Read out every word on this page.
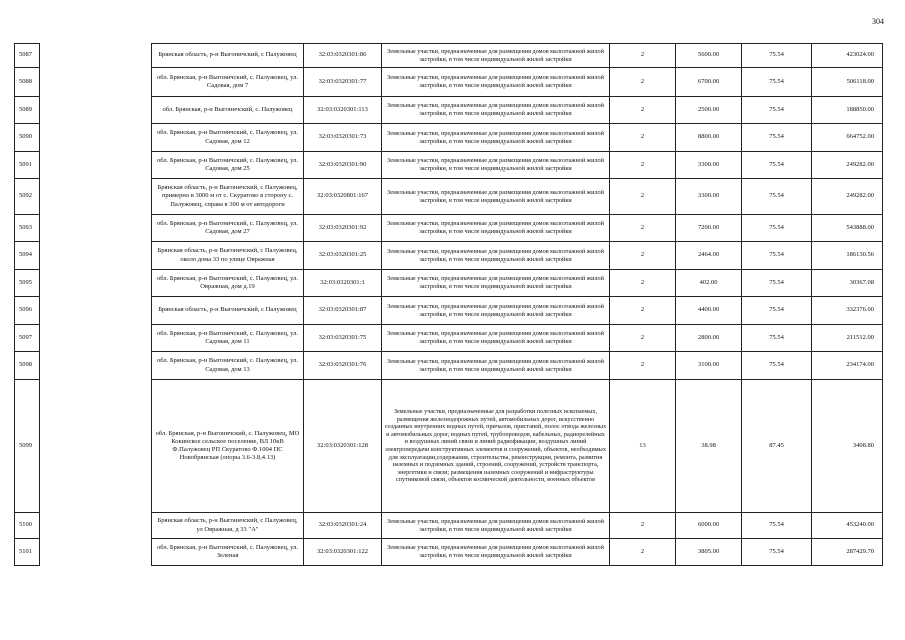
304
5087		Брянская область, р-н Выгоничский, с Палужовец	32:03:0320301:86	Земельные участки, предназначенные для размещения домов малоэтажной жилой застройки, в том числе индивидуальной жилой застройки	2	5600.00	75.54	423024.00
5088		обл. Брянская, р-н Выгоничский, с. Палужовец, ул. Садовая, дом 7	32:03:0320301:77	Земельные участки, предназначенные для размещения домов малоэтажной жилой застройки, в том числе индивидуальной жилой застройки	2	6700.00	75.54	506118.00
5089		обл. Брянская, р-н Выгоничский, с. Палужовец	32:03:0320301:113	Земельные участки, предназначенные для размещения домов малоэтажной жилой застройки, в том числе индивидуальной жилой застройки	2	2500.00	75.54	188850.00
5090		обл. Брянская, р-н Выгоничский, с. Палужовец, ул. Садовая, дом 12	32:03:0320301:73	Земельные участки, предназначенные для размещения домов малоэтажной жилой застройки, в том числе индивидуальной жилой застройки	2	8800.00	75.54	664752.00
5091		обл. Брянская, р-н Выгоничский, с. Палужовец, ул. Садовая, дом 25	32:03:0320301:90	Земельные участки, предназначенные для размещения домов малоэтажной жилой застройки, в том числе индивидуальной жилой застройки	2	3300.00	75.54	249282.00
5092		Брянская область, р-н Выгоничский, с Палужовец, примерно в 3000 м от с. Скуратово в сторону с. Палужовец, справа в 300 м от автодороги	32:03:0320801:167	Земельные участки, предназначенные для размещения домов малоэтажной жилой застройки, в том числе индивидуальной жилой застройки	2	3300.00	75.54	249282.00
5093		обл. Брянская, р-н Выгоничский, с. Палужовец, ул. Садовая, дом 27	32:03:0320301:92	Земельные участки, предназначенные для размещения домов малоэтажной жилой застройки, в том числе индивидуальной жилой застройки	2	7200.00	75.54	543888.00
5094		Брянская область, р-н Выгоничский, с Палужовец, около дома 33 по улице Овражная	32:03:0320301:25	Земельные участки, предназначенные для размещения домов малоэтажной жилой застройки, в том числе индивидуальной жилой застройки	2	2464.00	75.54	186130.56
5095		обл. Брянская, р-н Выгоничский, с. Палужовец, ул. Овражная, дом д.19	32:03:0320301:1	Земельные участки, предназначенные для размещения домов малоэтажной жилой застройки, в том числе индивидуальной жилой застройки	2	402.00	75.54	30367.08
5096		Брянская область, р-н Выгоничский, с Палужовец	32:03:0320301:87	Земельные участки, предназначенные для размещения домов малоэтажной жилой застройки, в том числе индивидуальной жилой застройки	2	4400.00	75.54	332376.00
5097		обл. Брянская, р-н Выгоничский, с. Палужовец, ул. Садовая, дом 11	32:03:0320301:75	Земельные участки, предназначенные для размещения домов малоэтажной жилой застройки, в том числе индивидуальной жилой застройки	2	2800.00	75.54	211512.00
5098		обл. Брянская, р-н Выгоничский, с. Палужовец, ул. Садовая, дом 13	32:03:0320301:76	Земельные участки, предназначенные для размещения домов малоэтажной жилой застройки, в том числе индивидуальной жилой застройки	2	3100.00	75.54	234174.00
5099		обл. Брянская, р-н Выгоничский, с. Палужовец, МО Кокинское сельское поселение, ВЛ 10кВ Ф.Палужовец РП Скуратово Ф.1004 ПС Новобрянская (опоры 3.6-3.8,4.13)	32:03:0320301:128	Земельные участки, предназначенные для разработки полезных ископаемых, размещения железнодорожных путей, автомобильных дорог, искусственно созданных внутренних водных путей, причалов, пристаней, полос отвода железных и автомобильных дорог, водных путей, трубопроводов, кабельных, радиорелейных и воздушных линий связи и линий радиофикации, воздушных линий электропередачи конструктивных элементов и сооружений, объектов, необходимых для эксплуатации,содержания, строительства, реконструкции, ремонта, развития наземных и подземных зданий, строений, сооружений, устройств транспорта, энергетики и связи; размещения наземных сооружений и инфраструктуры спутниковой связи, объектов космической деятельности, военных объектов	13	38.98	87.45	3408.80
5100		Брянская область, р-н Выгоничский, с Палужовец, ул Овражная, д 33 "А"	32:03:0320301:24	Земельные участки, предназначенные для размещения домов малоэтажной жилой застройки, в том числе индивидуальной жилой застройки	2	6000.00	75.54	453240.00
5101		обл. Брянская, р-н Выгоничский, с. Палужовец, ул. Зеленая	32:03:0320301:122	Земельные участки, предназначенные для размещения домов малоэтажной жилой застройки, в том числе индивидуальной жилой застройки	2	3805.00	75.54	287429.70
